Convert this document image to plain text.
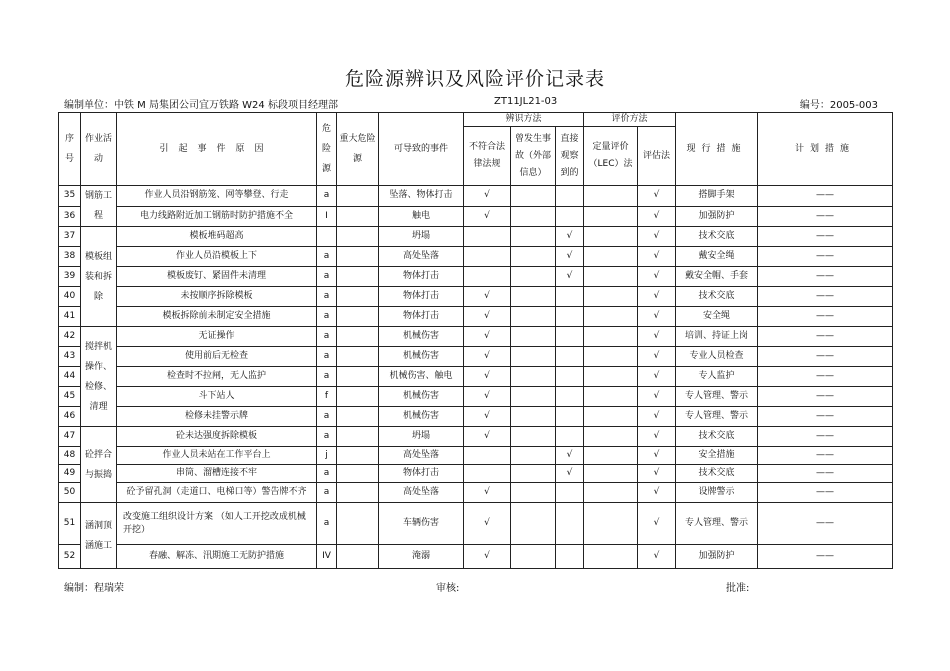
危险源辨识及风险评价记录表
编制单位：中铁 M 局集团公司宜万铁路 W24 标段项目经理部	ZT11JL21-03	编号：2005-003
序号	作业活动	引起事件原因	危险源	重大危险源	可导致的事件	辨识方法			评价方法		现行措施	计划措施
						不符合法律法规	曾发生事故（外部信息）	直接观察到的	定量评价（LEC）法	评估法		
35	钢筋工程	作业人员沿钢筋笼、网等攀登、行走	a		坠落、物体打击	√				√	搭脚手架	——
36		电力线路附近加工钢筋时防护措施不全	I		触电	√				√	加强防护	——
37	模板组装和拆除	模板堆码超高			坍塌			√		√	技术交底	——
38		作业人员沿模板上下	a		高处坠落			√		√	戴安全绳	——
39		模板废钉、紧固件未清理	a		物体打击			√		√	戴安全帽、手套	——
40		未按顺序拆除模板	a		物体打击	√				√	技术交底	——
41		模板拆除前未制定安全措施	a		物体打击	√				√	安全绳	——
42	搅拌机操作、检修、清理	无证操作	a		机械伤害	√				√	培训、持证上岗	——
43		使用前后无检查	a		机械伤害	√				√	专业人员检查	——
44		检查时不拉闸，无人监护	a		机械伤害、触电	√				√	专人监护	——
45		斗下站人	f		机械伤害	√				√	专人管理、警示	——
46		检修未挂警示牌	a		机械伤害	√				√	专人管理、警示	——
47	砼拌合与振捣	砼未达强度拆除模板	a		坍塌	√				√	技术交底	——
48		作业人员未站在工作平台上	j		高处坠落			√		√	安全措施	——
49		串筒、溜槽连接不牢	a		物体打击			√		√	技术交底	——
50		砼予留孔洞（走道口、电梯口等）警告牌不齐	a		高处坠落	√				√	设牌警示	——
51	涵洞顶涵施工	改变施工组织设计方案 （如人工开挖改成机械开挖）	a		车辆伤害	√				√	专人管理、警示	——
52		春融、解冻、汛期施工无防护措施	IV		淹溺	√				√	加强防护	——
编制：程瑞荣	审核:	批准:
